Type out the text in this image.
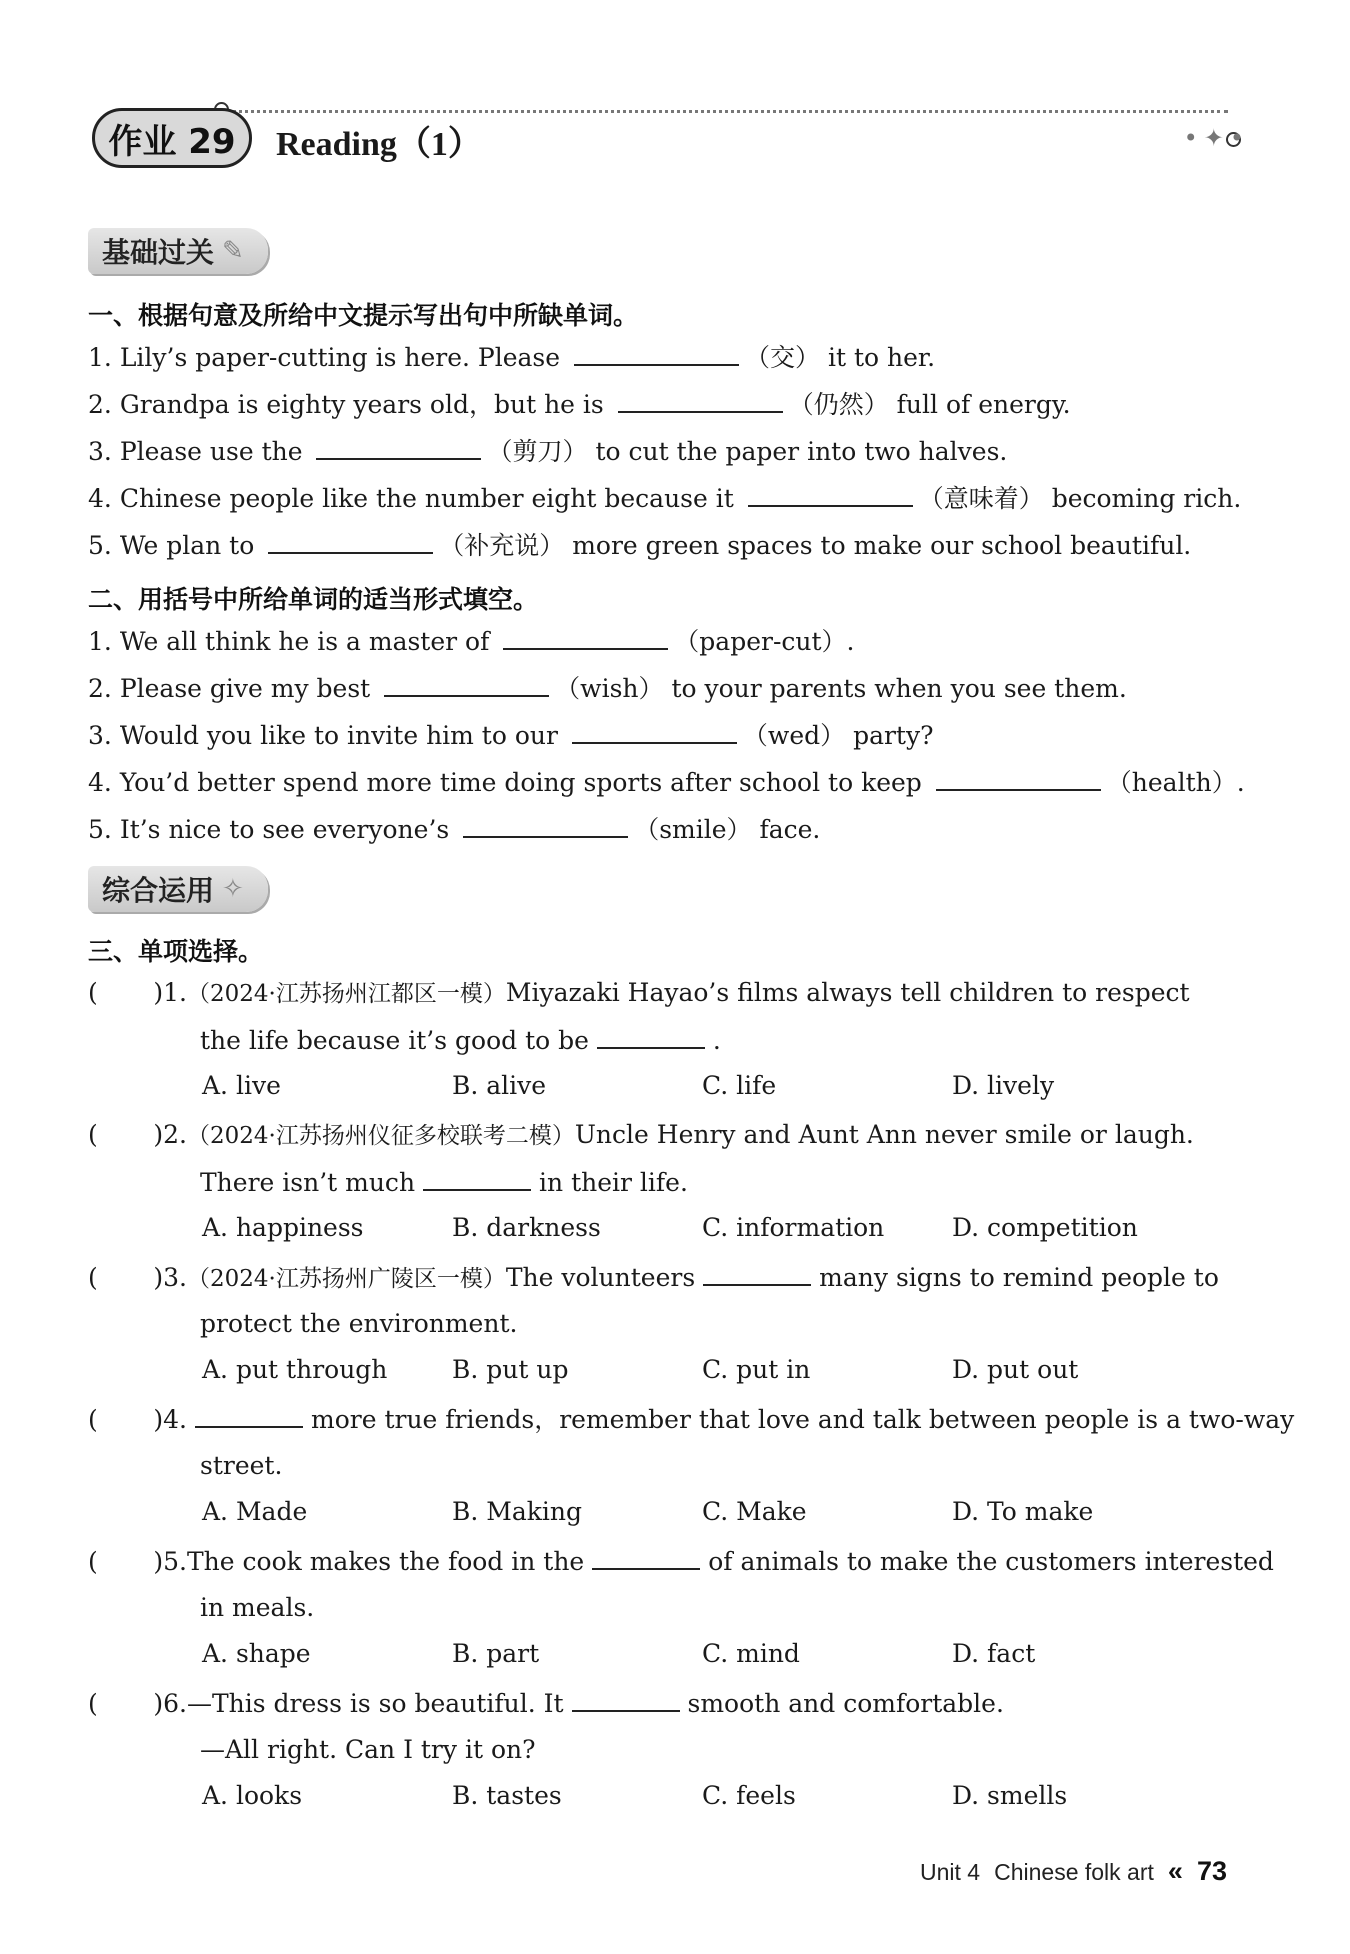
作业 29 Reading（1）	•✦•
基础过关 ✎
一、根据句意及所给中文提示写出句中所缺单词。
1. Lily’s paper-cutting is here. Please	（交） it to her.
2. Grandpa is eighty years old，but he is	（仍然） full of energy.
3. Please use the	（剪刀） to cut the paper into two halves.
4. Chinese people like the number eight because it	（意味着） becoming rich.
5. We plan to	（补充说） more green spaces to make our school beautiful.
二、用括号中所给单词的适当形式填空。
1. We all think he is a master of	（paper-cut）.
2. Please give my best	（wish） to your parents when you see them.
3. Would you like to invite him to our	（wed） party?
4. You’d better spend more time doing sports after school to keep	（health）.
5. It’s nice to see everyone’s	（smile） face.
综合运用 ✧
三、单项选择。
(       )1.（2024·江苏扬州江都区一模）Miyazaki Hayao’s films always tell children to respect
the life because it’s good to be	.
A. live	B. alive	C. life	D. lively
(       )2.（2024·江苏扬州仪征多校联考二模）Uncle Henry and Aunt Ann never smile or laugh.
There isn’t much	in their life.
A. happiness	B. darkness	C. information	D. competition
(       )3.（2024·江苏扬州广陵区一模）The volunteers	many signs to remind people to
protect the environment.
A. put through	B. put up	C. put in	D. put out
(       )4.	more true friends，remember that love and talk between people is a two-way
street.
A. Made	B. Making	C. Make	D. To make
(       )5.The cook makes the food in the	of animals to make the customers interested
in meals.
A. shape	B. part	C. mind	D. fact
(       )6.—This dress is so beautiful. It	smooth and comfortable.
—All right. Can I try it on?
A. looks	B. tastes	C. feels	D. smells
Unit 4 Chinese folk art « 73
